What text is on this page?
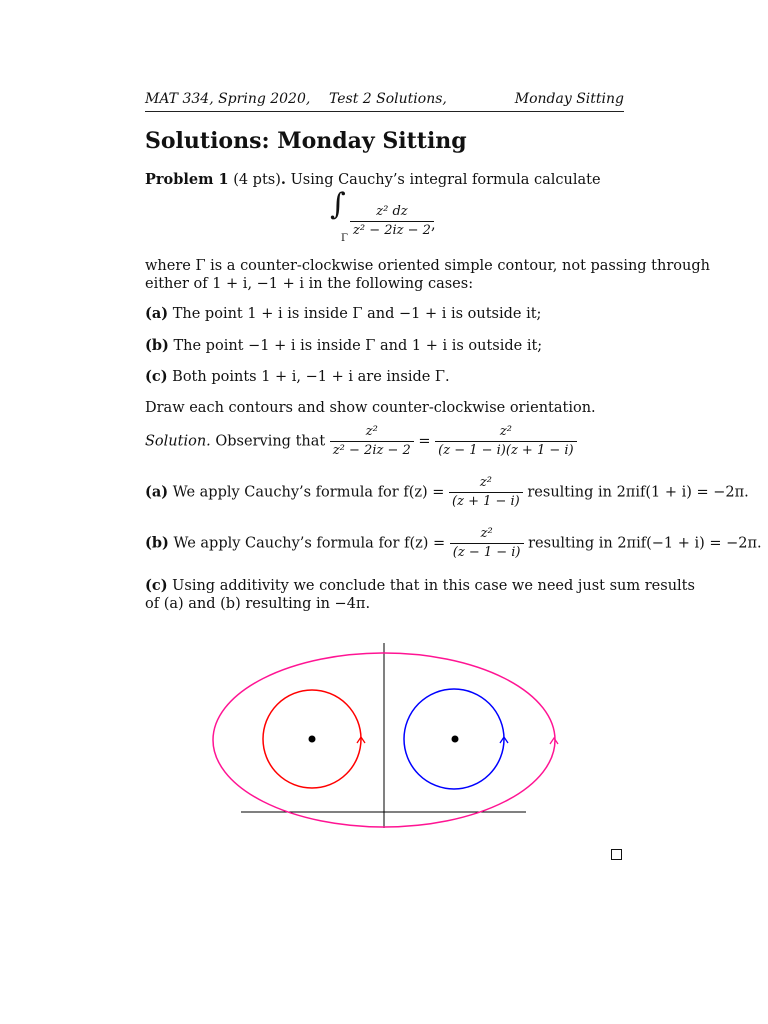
MAT 334, Spring 2020, Test 2 Solutions,	Monday Sitting
Solutions: Monday Sitting
Problem 1 (4 pts). Using Cauchy’s integral formula calculate
∫
Γ $\frac{\text{z² dz}}{\text{z² − 2iz − 2}}$
,
where Γ is a counter-clockwise oriented simple contour, not passing through
either of 1 + i, −1 + i in the following cases:
(a) The point 1 + i is inside Γ and −1 + i is outside it;
(b) The point −1 + i is inside Γ and 1 + i is outside it;
(c) Both points 1 + i, −1 + i are inside Γ.
Draw each contours and show counter-clockwise orientation.
Solution. Observing that $\frac{\text{z²}}{\text{z² − 2iz − 2}} = \frac{\text{z²}}{(z - 1 - i)(z + 1 - i)}$
(a) We apply Cauchy’s formula for $f(z) = \frac{\text{z²}}{(z + 1 - i)}$ resulting in 2πif(1 + i) = −2π.
(b) We apply Cauchy’s formula for $f(z) = \frac{\text{z²}}{(z - 1 - i)}$ resulting in 2πif(−1 + i) = −2π.
(c) Using additivity we conclude that in this case we need just sum results
of (a) and (b) resulting in −4π.
